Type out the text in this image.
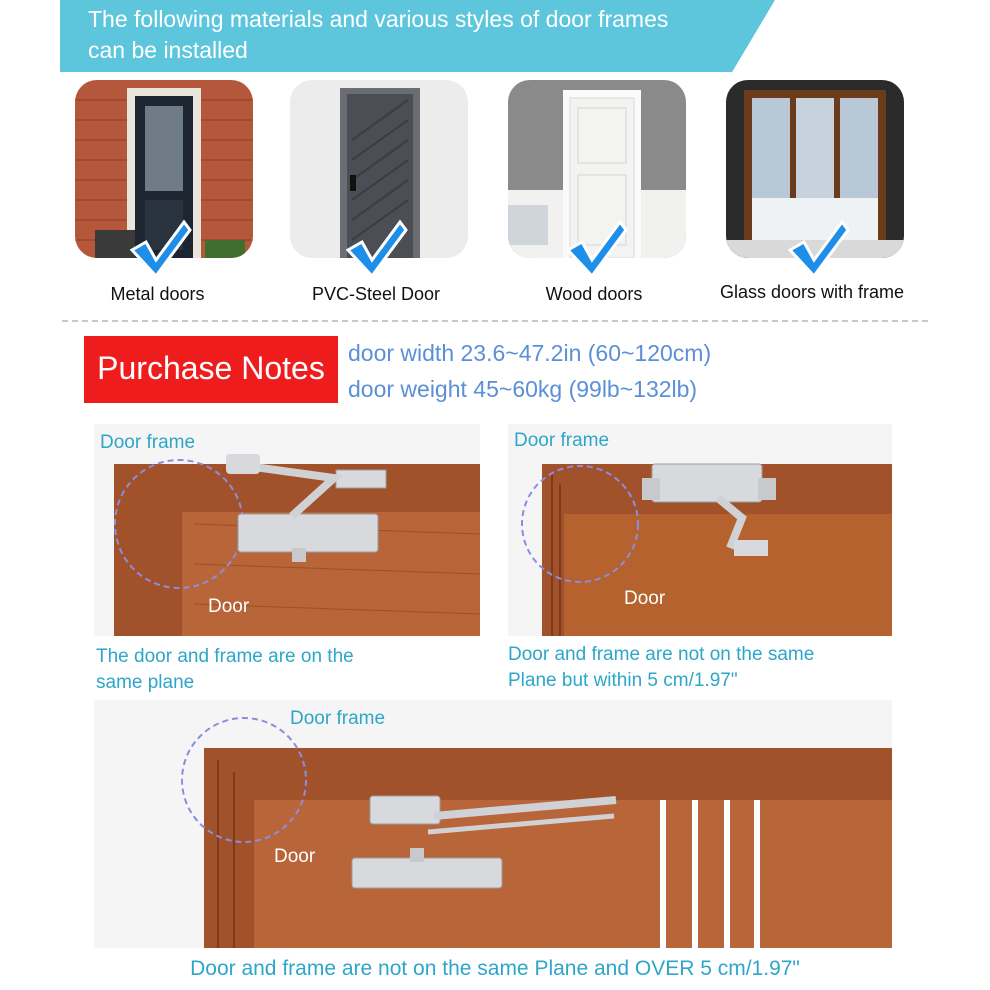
The following materials and various styles of door frames
can be installed
Metal doors	PVC-Steel Door	Wood doors	Glass doors with frame
Purchase Notes	door width 23.6~47.2in (60~120cm)
door weight 45~60kg (99lb~132lb)
Door frame
Door
The door and frame are on the
same plane
Door frame
Door
Door and frame are not on the same
Plane but within 5 cm/1.97"
Door frame
Door
Door and frame are not on the same Plane and OVER 5 cm/1.97"
